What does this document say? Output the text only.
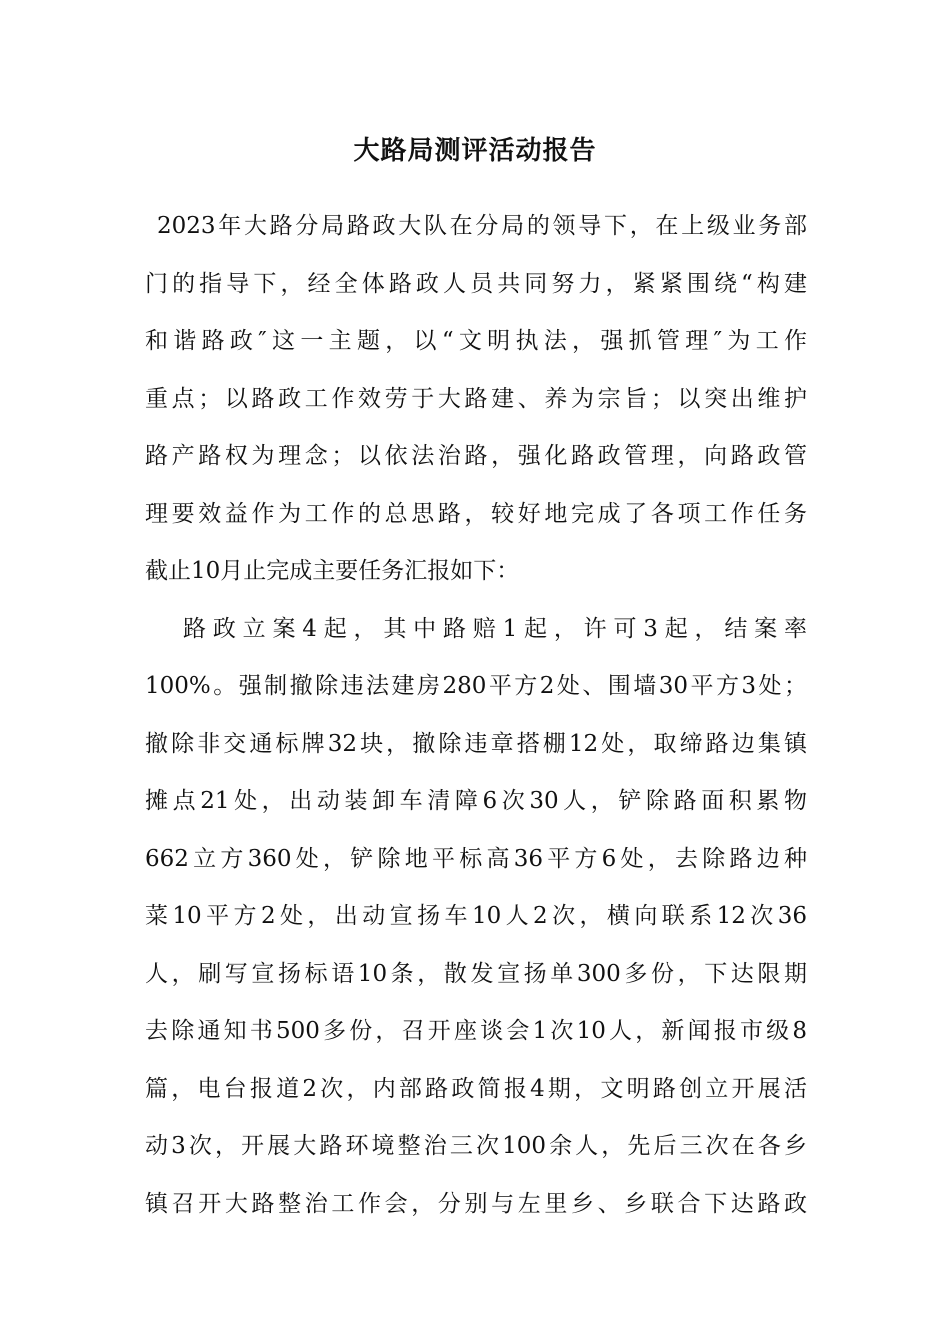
大路局测评活动报告
2023年大路分局路政大队在分局的领导下，在上级业务部
门的指导下，经全体路政人员共同努力，紧紧围绕“构建
和谐路政″这一主题，以“文明执法，强抓管理″为工作
重点；以路政工作效劳于大路建、养为宗旨；以突出维护
路产路权为理念；以依法治路，强化路政管理，向路政管
理要效益作为工作的总思路，较好地完成了各项工作任务
截止10月止完成主要任务汇报如下：
路政立案4起，其中路赔1起，许可3起，结案率
100%。强制撤除违法建房280平方2处、围墙30平方3处；
撤除非交通标牌32块，撤除违章搭棚12处，取缔路边集镇
摊点21处，出动装卸车清障6次30人，铲除路面积累物
662立方360处，铲除地平标高36平方6处，去除路边种
菜10平方2处，出动宣扬车10人2次，横向联系12次36
人，刷写宣扬标语10条，散发宣扬单300多份，下达限期
去除通知书500多份，召开座谈会1次10人，新闻报市级8
篇，电台报道2次，内部路政简报4期，文明路创立开展活
动3次，开展大路环境整治三次100余人，先后三次在各乡
镇召开大路整治工作会，分别与左里乡、乡联合下达路政
